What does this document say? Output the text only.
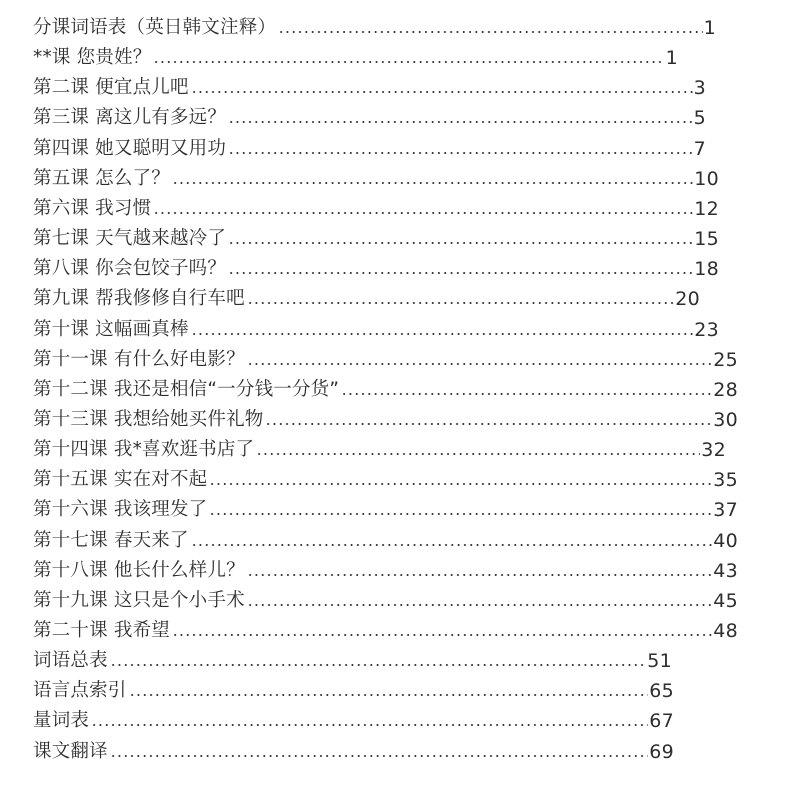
分课词语表（英日韩文注释）	1
**课 您贵姓？	1
第二课 便宜点儿吧	3
第三课 离这儿有多远？	5
第四课 她又聪明又用功	7
第五课 怎么了？	10
第六课 我习惯	12
第七课 天气越来越冷了	15
第八课 你会包饺子吗？	18
第九课 帮我修修自行车吧	20
第十课 这幅画真棒	23
第十一课 有什么好电影？	25
第十二课 我还是相信“一分钱一分货”	28
第十三课 我想给她买件礼物	30
第十四课 我*喜欢逛书店了	32
第十五课 实在对不起	35
第十六课 我该理发了	37
第十七课 春天来了	40
第十八课 他长什么样儿？	43
第十九课 这只是个小手术	45
第二十课 我希望	48
词语总表	51
语言点索引	65
量词表	67
课文翻译	69
